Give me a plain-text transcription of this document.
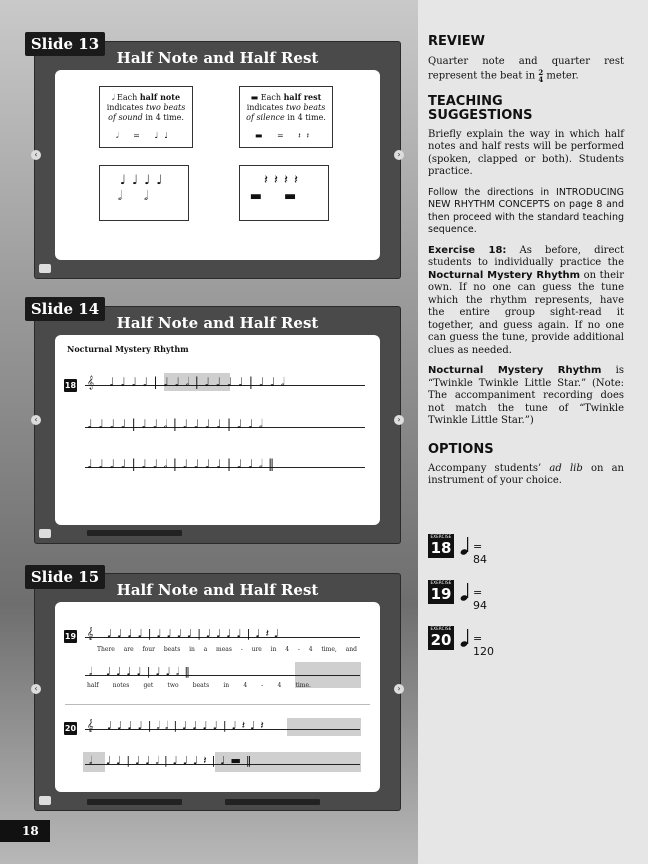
Half Note and Half Rest
𝅗𝅥 Each half note
indicates two beats
of sound in 4 time.
𝅗𝅥 = ♩♩
▬ Each half rest
indicates two beats
of silence in 4 time.
▬ = 𝄽𝄽
♩♩♩♩
𝅗𝅥𝅗𝅥
𝄽𝄽𝄽𝄽
▬▬
‹	›
Slide 13
Half Note and Half Rest
Nocturnal Mystery Rhythm
18 𝄞 ♩♩♩♩|♩♩𝅗𝅥|♩♩♩♩|♩♩𝅗𝅥
♩♩♩♩|♩♩𝅗𝅥|♩♩♩♩|♩♩𝅗𝅥
♩♩♩♩|♩♩𝅗𝅥|♩♩♩♩|♩♩𝅗𝅥‖
‹	›
Slide 14
Half Note and Half Rest
19 𝄞 ♩♩♩♩|♩♩♩♩|♩♩♩♩|♩𝄽♩
There are four beats in a meas - ure in 4 - 4 time, and
𝅗𝅥 ♩♩♩♩|♩♩𝅗𝅥‖
half notes get two beats in 4 - 4 time.
20 𝄞 ♩♩♩♩|𝅗𝅥𝅗𝅥|♩♩♩♩|♩𝄽♩𝄽
𝅗𝅥 ♩♩|♩♩𝅗𝅥|♩♩♩𝄽|♩▬‖
‹	›
Slide 15
REVIEW

Quarter note and quarter rest represent the beat in 2
4 meter.

TEACHING SUGGESTIONS

Briefly explain the way in which half notes and half rests will be performed (spoken, clapped or both). Students practice.

Follow the directions in INTRODUCING NEW RHYTHM CONCEPTS on page 8 and then proceed with the standard teaching sequence.

Exercise 18: As before, direct students to individually practice the Nocturnal Mystery Rhythm on their own. If no one can guess the tune which the rhythm represents, have the entire group sight-read it together, and guess again. If no one can guess the tune, provide additional clues as needed.

Nocturnal Mystery Rhythm is “Twinkle Twinkle Little Star.” (Note: The accompaniment recording does not match the tune of “Twinkle Twinkle Little Star.”)

OPTIONS

Accompany students’ ad lib on an instrument of your choice.

EXERCISE
18 = 84
EXERCISE
19 = 94
EXERCISE
20 = 120
18
